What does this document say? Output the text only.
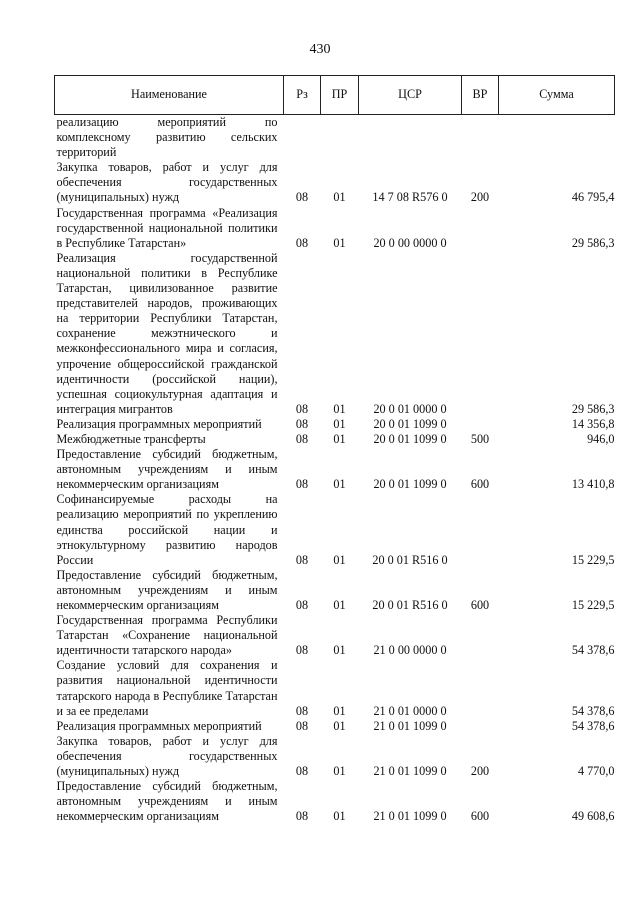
430
Наименование	Рз	ПР	ЦСР	ВР	Сумма
реализацию мероприятий по комплексному развитию сельских территорий					
Закупка товаров, работ и услуг для обеспечения государственных (муниципальных) нужд	08	01	14 7 08 R576 0	200	46 795,4
Государственная программа «Реализация государственной национальной политики в Республике Татарстан»	08	01	20 0 00 0000 0		29 586,3
Реализация государственной национальной политики в Республике Татарстан, цивилизованное развитие представителей народов, проживающих на территории Республики Татарстан, сохранение межэтнического и межконфессионального мира и согласия, упрочение общероссийской гражданской идентичности (российской нации), успешная социокультурная адаптация и интеграция мигрантов	08	01	20 0 01 0000 0		29 586,3
Реализация программных мероприятий	08	01	20 0 01 1099 0		14 356,8
Межбюджетные трансферты	08	01	20 0 01 1099 0	500	946,0
Предоставление субсидий бюджетным, автономным учреждениям и иным некоммерческим организациям	08	01	20 0 01 1099 0	600	13 410,8
Софинансируемые расходы на реализацию мероприятий по укреплению единства российской нации и этнокультурному развитию народов России	08	01	20 0 01 R516 0		15 229,5
Предоставление субсидий бюджетным, автономным учреждениям и иным некоммерческим организациям	08	01	20 0 01 R516 0	600	15 229,5
Государственная программа Республики Татарстан «Сохранение национальной идентичности татарского народа»	08	01	21 0 00 0000 0		54 378,6
Создание условий для сохранения и развития национальной идентичности татарского народа в Республике Татарстан и за ее пределами	08	01	21 0 01 0000 0		54 378,6
Реализация программных мероприятий	08	01	21 0 01 1099 0		54 378,6
Закупка товаров, работ и услуг для обеспечения государственных (муниципальных) нужд	08	01	21 0 01 1099 0	200	4 770,0
Предоставление субсидий бюджетным, автономным учреждениям и иным некоммерческим организациям	08	01	21 0 01 1099 0	600	49 608,6
